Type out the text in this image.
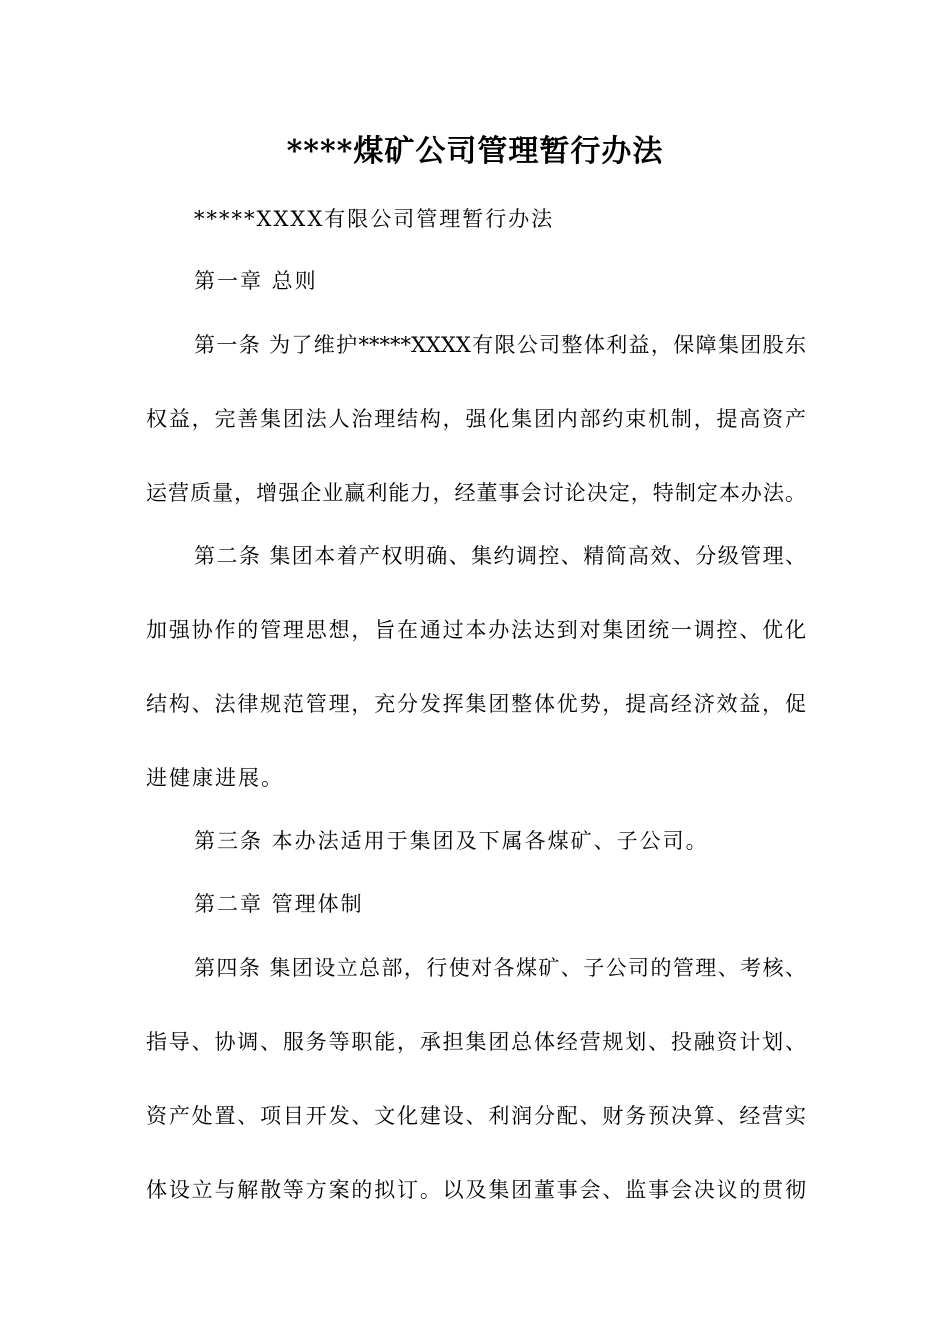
****煤矿公司管理暂行办法
*****XXXX有限公司管理暂行办法
第一章 总则
第一条 为了维护*****XXXX有限公司整体利益，保障集团股东
权益，完善集团法人治理结构，强化集团内部约束机制，提高资产
运营质量，增强企业赢利能力，经董事会讨论决定，特制定本办法。
第二条 集团本着产权明确、集约调控、精简高效、分级管理、
加强协作的管理思想，旨在通过本办法达到对集团统一调控、优化
结构、法律规范管理，充分发挥集团整体优势，提高经济效益，促
进健康进展。
第三条 本办法适用于集团及下属各煤矿、子公司。
第二章 管理体制
第四条 集团设立总部，行使对各煤矿、子公司的管理、考核、
指导、协调、服务等职能，承担集团总体经营规划、投融资计划、
资产处置、项目开发、文化建设、利润分配、财务预决算、经营实
体设立与解散等方案的拟订。以及集团董事会、监事会决议的贯彻
